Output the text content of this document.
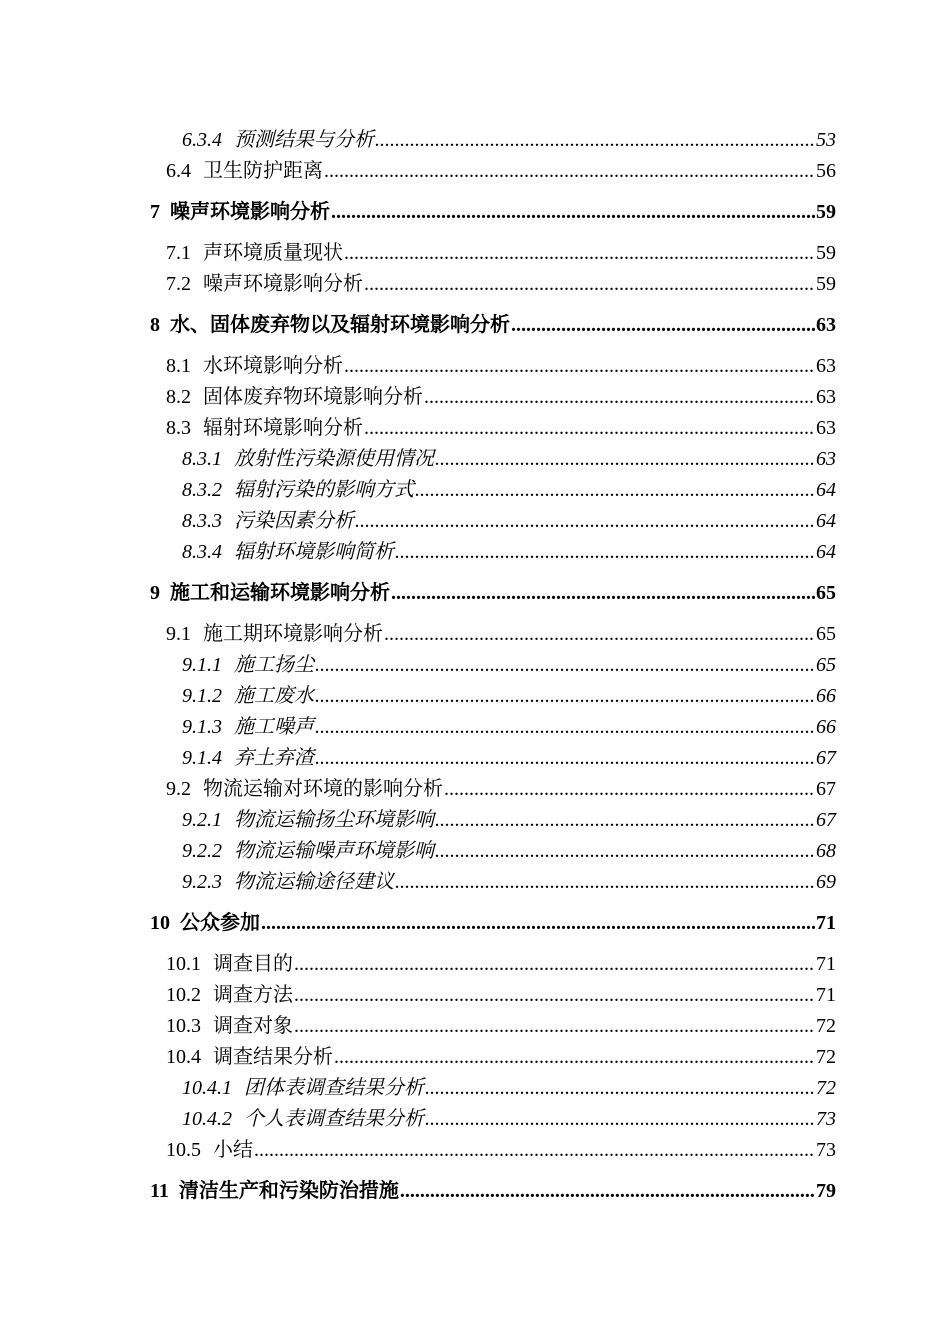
6.3.4 预测结果与分析 .....	53
6.4 卫生防护距离 .....	56
7 噪声环境影响分析 .....	59
7.1 声环境质量现状 .....	59
7.2 噪声环境影响分析 .....	59
8 水、固体废弃物以及辐射环境影响分析 .....	63
8.1 水环境影响分析 .....	63
8.2 固体废弃物环境影响分析 .....	63
8.3 辐射环境影响分析 .....	63
8.3.1 放射性污染源使用情况 .....	63
8.3.2 辐射污染的影响方式 .....	64
8.3.3 污染因素分析 .....	64
8.3.4 辐射环境影响简析 .....	64
9 施工和运输环境影响分析 .....	65
9.1 施工期环境影响分析 .....	65
9.1.1 施工扬尘 .....	65
9.1.2 施工废水 .....	66
9.1.3 施工噪声 .....	66
9.1.4 弃土弃渣 .....	67
9.2 物流运输对环境的影响分析 .....	67
9.2.1 物流运输扬尘环境影响 .....	67
9.2.2 物流运输噪声环境影响 .....	68
9.2.3 物流运输途径建议 .....	69
10 公众参加 .....	71
10.1 调查目的 .....	71
10.2 调查方法 .....	71
10.3 调查对象 .....	72
10.4 调查结果分析 .....	72
10.4.1 团体表调查结果分析 .....	72
10.4.2 个人表调查结果分析 .....	73
10.5 小结 .....	73
11 清洁生产和污染防治措施 .....	79
